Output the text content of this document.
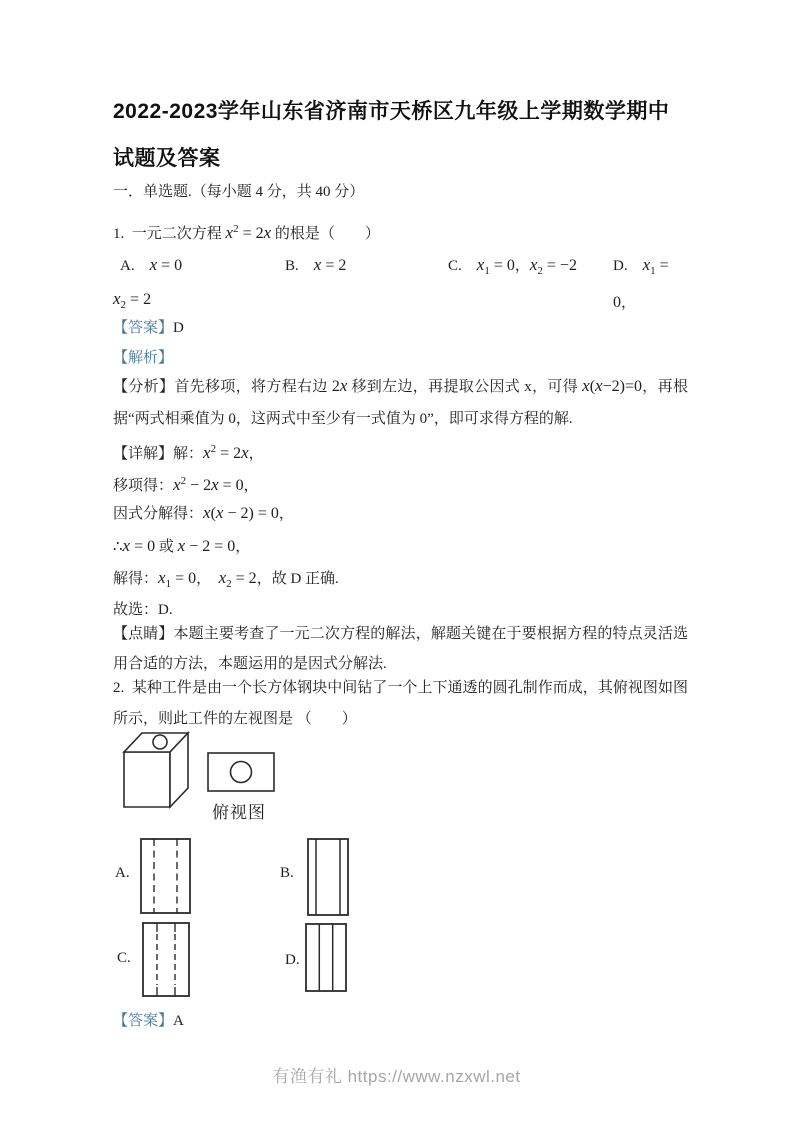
2022-2023学年山东省济南市天桥区九年级上学期数学期中试题及答案

一．单选题.（每小题 4 分，共 40 分）

1.  一元二次方程 $x^2 = 2x$ 的根是（　　）

A.　x = 0	B.　x = 2	C.　$x_1 = 0$，$x_2 = -2$	D.　$x_1 = 0$，

$x_2 = 2$

【答案】D

【解析】

【分析】首先移项，将方程右边 2x 移到左边，再提取公因式 x，可得 x(x−2)=0，再根据“两式相乘值为 0，这两式中至少有一式值为 0”，即可求得方程的解.

【详解】解：$x^2 = 2x$，

移项得：$x^2 - 2x = 0$，

因式分解得：x(x − 2) = 0，

∴x = 0 或 x − 2 = 0，

解得：$x_1 = 0$，  $x_2 = 2$，故 D 正确.

故选：D.

【点睛】本题主要考查了一元二次方程的解法，解题关键在于要根据方程的特点灵活选用合适的方法，本题运用的是因式分解法.

2.  某种工件是由一个长方体钢块中间钻了一个上下通透的圆孔制作而成，其俯视图如图所示，则此工件的左视图是 （　　）

俯视图
A.	B.
C.	D.

【答案】A

有渔有礼 https://www.nzxwl.net
